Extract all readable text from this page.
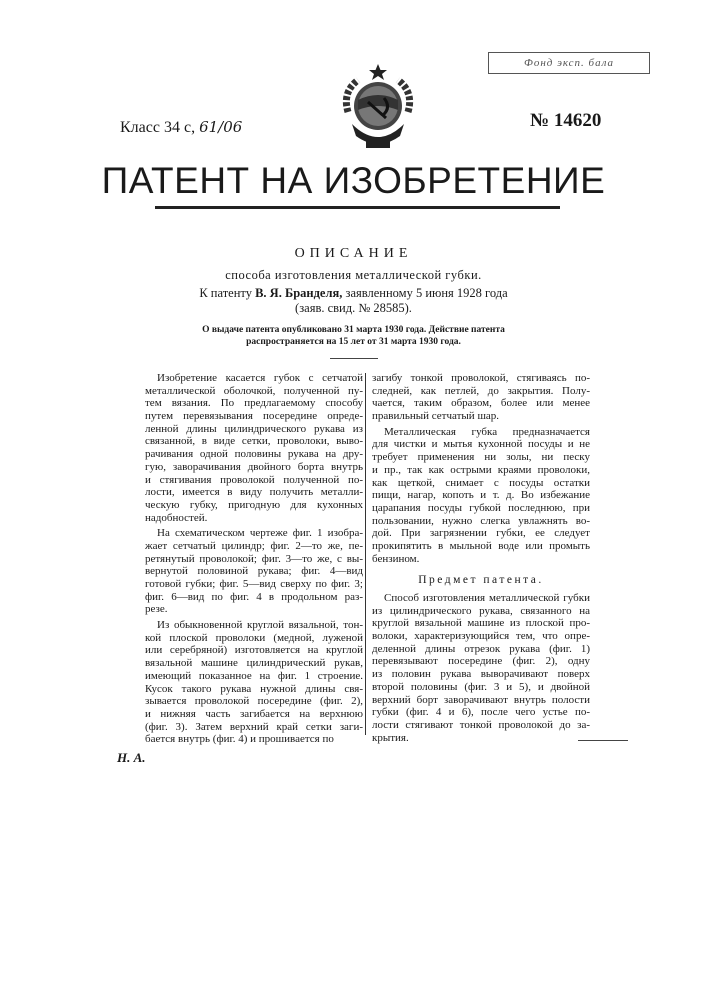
Фонд эксп. бала
Класс 34 с, 61/06	№ 14620
ПАТЕНТ НА ИЗОБРЕТЕНИЕ
ОПИСАНИЕ
способа изготовления металлической губки.
К патенту В. Я. Бранделя, заявленному 5 июня 1928 года
(заяв. свид. № 28585).
О выдаче патента опубликовано 31 марта 1930 года. Действие патента
распространяется на 15 лет от 31 марта 1930 года.
Изобретение касается губок с сетчатой
металлической оболочкой, полученной пу-
тем вязания. По предлагаемому способу
путем перевязывания посередине опреде-
ленной длины цилиндрического рукава из
связанной, в виде сетки, проволоки, выво-
рачивания одной половины рукава на дру-
гую, заворачивания двойного борта внутрь
и стягивания проволокой полученной по-
лости, имеется в виду получить металли-
ческую губку, пригодную для кухонных
надобностей.
На схематическом чертеже фиг. 1 изобра-
жает сетчатый цилиндр; фиг. 2—то же, пе-
ретянутый проволокой; фиг. 3—то же, с вы-
вернутой половиной рукава; фиг. 4—вид
готовой губки; фиг. 5—вид сверху по фиг. 3;
фиг. 6—вид по фиг. 4 в продольном раз-
резе.
Из обыкновенной круглой вязальной, тон-
кой плоской проволоки (медной, луженой
или серебряной) изготовляется на круглой
вязальной машине цилиндрический рукав,
имеющий показанное на фиг. 1 строение.
Кусок такого рукава нужной длины свя-
зывается проволокой посередине (фиг. 2),
и нижняя часть загибается на верхнюю
(фиг. 3). Затем верхний край сетки заги-
бается внутрь (фиг. 4) и прошивается по
загибу тонкой проволокой, стягиваясь по-
следней, как петлей, до закрытия. Полу-
чается, таким образом, более или менее
правильный сетчатый шар.
Металлическая губка предназначается
для чистки и мытья кухонной посуды и не
требует применения ни золы, ни песку
и пр., так как острыми краями проволоки,
как щеткой, снимает с посуды остатки
пищи, нагар, копоть и т. д. Во избежание
царапания посуды губкой последнюю, при
пользовании, нужно слегка увлажнять во-
дой. При загрязнении губки, ее следует
прокипятить в мыльной воде или промыть
бензином.
Предмет патента.
Способ изготовления металлической губки
из цилиндрического рукава, связанного на
круглой вязальной машине из плоской про-
волоки, характеризующийся тем, что опре-
деленной длины отрезок рукава (фиг. 1)
перевязывают посередине (фиг. 2), одну
из половин рукава выворачивают поверх
второй половины (фиг. 3 и 5), и двойной
верхний борт заворачивают внутрь полости
губки (фиг. 4 и 6), после чего устье по-
лости стягивают тонкой проволокой до за-
крытия.
Н. А.
